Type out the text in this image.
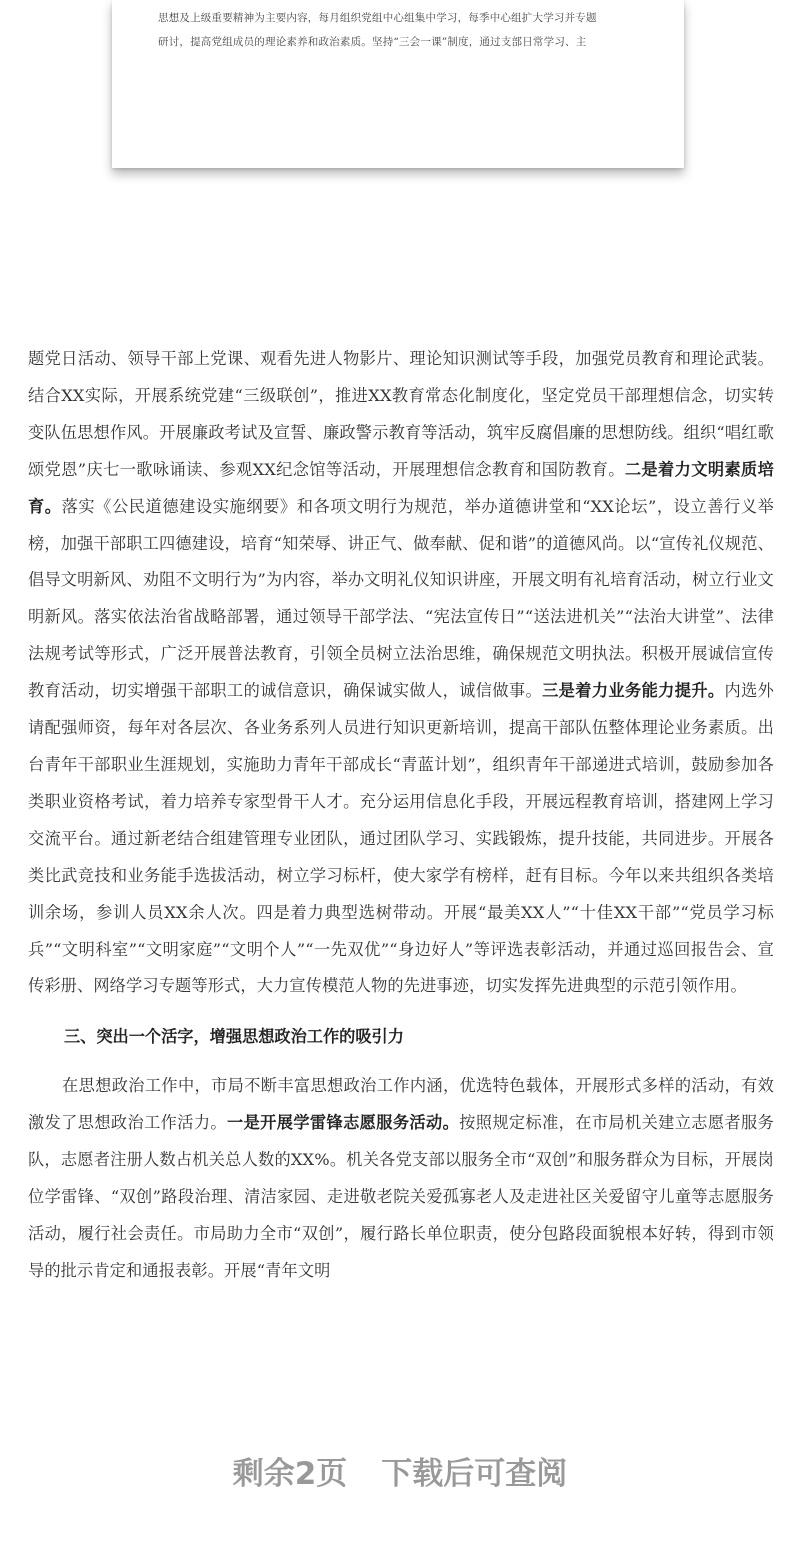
思想及上级重要精神为主要内容，每月组织党组中心组集中学习，每季中心组扩大学习并专题
研讨，提高党组成员的理论素养和政治素质。坚持“三会一课”制度，通过支部日常学习、主

题党日活动、领导干部上党课、观看先进人物影片、理论知识测试等手段，加强党员教育和理论武装。结合XX实际，开展系统党建“三级联创”，推进XX教育常态化制度化，坚定党员干部理想信念，切实转变队伍思想作风。开展廉政考试及宣誓、廉政警示教育等活动，筑牢反腐倡廉的思想防线。组织“唱红歌颂党恩”庆七一歌咏诵读、参观XX纪念馆等活动，开展理想信念教育和国防教育。二是着力文明素质培育。落实《公民道德建设实施纲要》和各项文明行为规范，举办道德讲堂和“XX论坛”，设立善行义举榜，加强干部职工四德建设，培育“知荣辱、讲正气、做奉献、促和谐”的道德风尚。以“宣传礼仪规范、倡导文明新风、劝阻不文明行为”为内容，举办文明礼仪知识讲座，开展文明有礼培育活动，树立行业文明新风。落实依法治省战略部署，通过领导干部学法、“宪法宣传日”“送法进机关”“法治大讲堂”、法律法规考试等形式，广泛开展普法教育，引领全员树立法治思维，确保规范文明执法。积极开展诚信宣传教育活动，切实增强干部职工的诚信意识，确保诚实做人，诚信做事。三是着力业务能力提升。内选外请配强师资，每年对各层次、各业务系列人员进行知识更新培训，提高干部队伍整体理论业务素质。出台青年干部职业生涯规划，实施助力青年干部成长“青蓝计划”，组织青年干部递进式培训，鼓励参加各类职业资格考试，着力培养专家型骨干人才。充分运用信息化手段，开展远程教育培训，搭建网上学习交流平台。通过新老结合组建管理专业团队，通过团队学习、实践锻炼，提升技能，共同进步。开展各类比武竞技和业务能手选拔活动，树立学习标杆，使大家学有榜样，赶有目标。今年以来共组织各类培训余场，参训人员XX余人次。四是着力典型选树带动。开展“最美XX人”“十佳XX干部”“党员学习标兵”“文明科室”“文明家庭”“文明个人”“一先双优”“身边好人”等评选表彰活动，并通过巡回报告会、宣传彩册、网络学习专题等形式，大力宣传模范人物的先进事迹，切实发挥先进典型的示范引领作用。

三、突出一个活字，增强思想政治工作的吸引力

在思想政治工作中，市局不断丰富思想政治工作内涵，优选特色载体，开展形式多样的活动，有效激发了思想政治工作活力。一是开展学雷锋志愿服务活动。按照规定标准，在市局机关建立志愿者服务队，志愿者注册人数占机关总人数的XX%。机关各党支部以服务全市“双创”和服务群众为目标，开展岗位学雷锋、“双创”路段治理、清洁家园、走进敬老院关爱孤寡老人及走进社区关爱留守儿童等志愿服务活动，履行社会责任。市局助力全市“双创”，履行路长单位职责，使分包路段面貌根本好转，得到市领导的批示肯定和通报表彰。开展“青年文明

剩余2页 下载后可查阅
